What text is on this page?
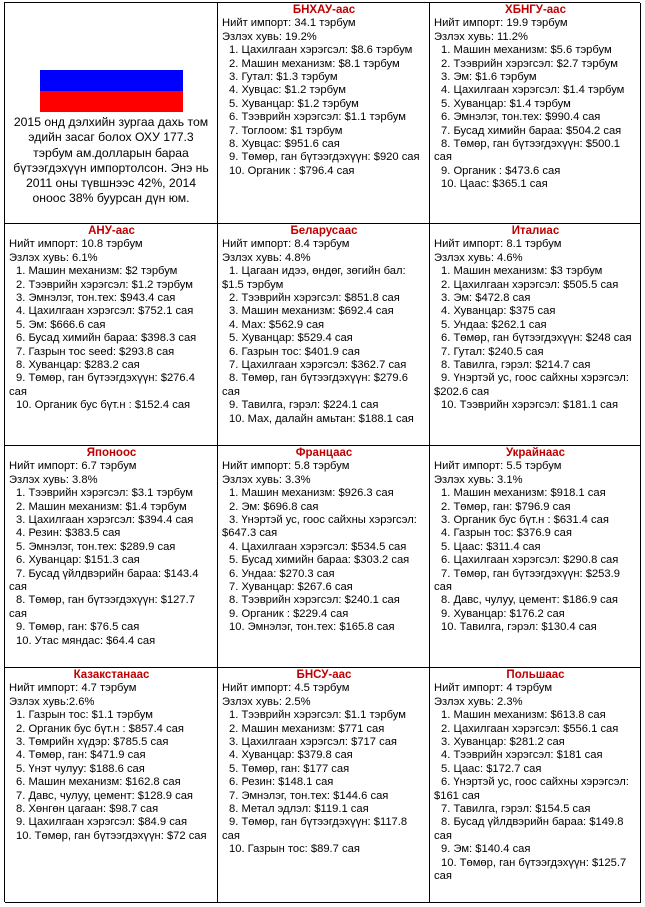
2015 онд дэлхийн зургаа дахь том эдийн засаг болох ОХУ 177.3 тэрбум ам.долларын бараа бүтээгдэхүүн импортолсон. Энэ нь 2011 оны түвшнээс 42%, 2014 оноос 38% буурсан дүн юм.
БНХАУ-аас
Нийт импорт: 34.1 тэрбум
Эзлэх хувь: 19.2%
1. Цахилгаан хэрэгсэл: $8.6 тэрбум
2. Машин механизм: $8.1 тэрбум
3. Гутал: $1.3 тэрбум
4. Хувцас: $1.2 тэрбум
5. Хуванцар: $1.2 тэрбум
6. Тээврийн хэрэгсэл: $1.1 тэрбум
7. Тоглоом: $1 тэрбум
8. Хувцас: $951.6 сая
9. Төмөр, ган бүтээгдэхүүн: $920 сая
10. Органик : $796.4 сая
ХБНГУ-аас
Нийт импорт: 19.9 тэрбум
Эзлэх хувь: 11.2%
1. Машин механизм: $5.6 тэрбум
2. Тээврийн хэрэгсэл: $2.7 тэрбум
3. Эм: $1.6 тэрбум
4. Цахилгаан хэрэгсэл: $1.4 тэрбум
5. Хуванцар: $1.4 тэрбум
6. Эмнэлэг, тон.тех: $990.4 сая
7. Бусад химийн бараа: $504.2 сая
8. Төмөр, ган бүтээгдэхүүн: $500.1 сая
9. Органик : $473.6 сая
10. Цаас: $365.1 сая
АНУ-аас
Нийт импорт: 10.8 тэрбум
Эзлэх хувь: 6.1%
1. Машин механизм: $2 тэрбум
2. Тээврийн хэрэгсэл: $1.2 тэрбум
3. Эмнэлэг, тон.тех: $943.4 сая
4. Цахилгаан хэрэгсэл: $752.1 сая
5. Эм: $666.6 сая
6. Бусад химийн бараа: $398.3 сая
7. Газрын тос seed: $293.8 сая
8. Хуванцар: $283.2 сая
9. Төмөр, ган бүтээгдэхүүн: $276.4 сая
10. Органик бус бүт.н : $152.4 сая
Беларусаас
Нийт импорт: 8.4 тэрбум
Эзлэх хувь: 4.8%
1. Цагаан идээ, өндөг, зөгийн бал: $1.5 тэрбум
2. Тээврийн хэрэгсэл: $851.8 сая
3. Машин механизм: $692.4 сая
4. Мах: $562.9 сая
5. Хуванцар: $529.4 сая
6. Газрын тос: $401.9 сая
7. Цахилгаан хэрэгсэл: $362.7 сая
8. Төмөр, ган бүтээгдэхүүн: $279.6 сая
9. Тавилга, гэрэл: $224.1 сая
10. Мах, далайн амьтан: $188.1 сая
Италиас
Нийт импорт: 8.1 тэрбум
Эзлэх хувь: 4.6%
1. Машин механизм: $3 тэрбум
2. Цахилгаан хэрэгсэл: $505.5 сая
3. Эм: $472.8 сая
4. Хуванцар: $375 сая
5. Ундаа: $262.1 сая
6. Төмөр, ган бүтээгдэхүүн: $248 сая
7. Гутал: $240.5 сая
8. Тавилга, гэрэл: $214.7 сая
9. Үнэртэй ус, гоос сайхны хэрэгсэл: $202.6 сая
10. Тээврийн хэрэгсэл: $181.1 сая
Японоос
Нийт импорт: 6.7 тэрбум
Эзлэх хувь: 3.8%
1. Тээврийн хэрэгсэл: $3.1 тэрбум
2. Машин механизм: $1.4 тэрбум
3. Цахилгаан хэрэгсэл: $394.4 сая
4. Резин: $383.5 сая
5. Эмнэлэг, тон.тех: $289.9 сая
6. Хуванцар: $151.3 сая
7. Бусад үйлдвэрийн бараа: $143.4 сая
8. Төмөр, ган бүтээгдэхүүн: $127.7 сая
9. Төмөр, ган: $76.5 сая
10. Утас мяндас: $64.4 сая
Францаас
Нийт импорт: 5.8 тэрбум
Эзлэх хувь: 3.3%
1. Машин механизм: $926.3 сая
2. Эм: $696.8 сая
3. Үнэртэй ус, гоос сайхны хэрэгсэл: $647.3 сая
4. Цахилгаан хэрэгсэл: $534.5 сая
5. Бусад химийн бараа: $303.2 сая
6. Ундаа: $270.3 сая
7. Хуванцар: $267.6 сая
8. Тээврийн хэрэгсэл: $240.1 сая
9. Органик : $229.4 сая
10. Эмнэлэг, тон.тех: $165.8 сая
Украйнаас
Нийт импорт: 5.5 тэрбум
Эзлэх хувь: 3.1%
1. Машин механизм: $918.1 сая
2. Төмөр, ган: $796.9 сая
3. Органик бус бүт.н : $631.4 сая
4. Газрын тос: $376.9 сая
5. Цаас: $311.4 сая
6. Цахилгаан хэрэгсэл: $290.8 сая
7. Төмөр, ган бүтээгдэхүүн: $253.9 сая
8. Давс, чулуу, цемент: $186.9 сая
9. Хуванцар: $176.2 сая
10. Тавилга, гэрэл: $130.4 сая
Казакстанаас
Нийт импорт: 4.7 тэрбум
Эзлэх хувь:2.6%
1. Газрын тос: $1.1 тэрбум
2. Органик бус бүт.н : $857.4 сая
3. Төмрийн хүдэр: $785.5 сая
4. Төмөр, ган: $471.9 сая
5. Үнэт чулуу: $188.6 сая
6. Машин механизм: $162.8 сая
7. Давс, чулуу, цемент: $128.9 сая
8. Хөнгөн цагаан: $98.7 сая
9. Цахилгаан хэрэгсэл: $84.9 сая
10. Төмөр, ган бүтээгдэхүүн: $72 сая
БНСУ-аас
Нийт импорт: 4.5 тэрбум
Эзлэх хувь: 2.5%
1. Тээврийн хэрэгсэл: $1.1 тэрбум
2. Машин механизм: $771 сая
3. Цахилгаан хэрэгсэл: $717 сая
4. Хуванцар: $379.8 сая
5. Төмөр, ган: $177 сая
6. Резин: $148.1 сая
7. Эмнэлэг, тон.тех: $144.6 сая
8. Метал эдлэл: $119.1 сая
9. Төмөр, ган бүтээгдэхүүн: $117.8 сая
10. Газрын тос: $89.7 сая
Польшаас
Нийт импорт: 4 тэрбум
Эзлэх хувь: 2.3%
1. Машин механизм: $613.8 сая
2. Цахилгаан хэрэгсэл: $556.1 сая
3. Хуванцар: $281.2 сая
4. Тээврийн хэрэгсэл: $181 сая
5. Цаас: $172.7 сая
6. Үнэртэй ус, гоос сайхны хэрэгсэл: $161 сая
7. Тавилга, гэрэл: $154.5 сая
8. Бусад үйлдвэрийн бараа: $149.8 сая
9. Эм: $140.4 сая
10. Төмөр, ган бүтээгдэхүүн: $125.7 сая
